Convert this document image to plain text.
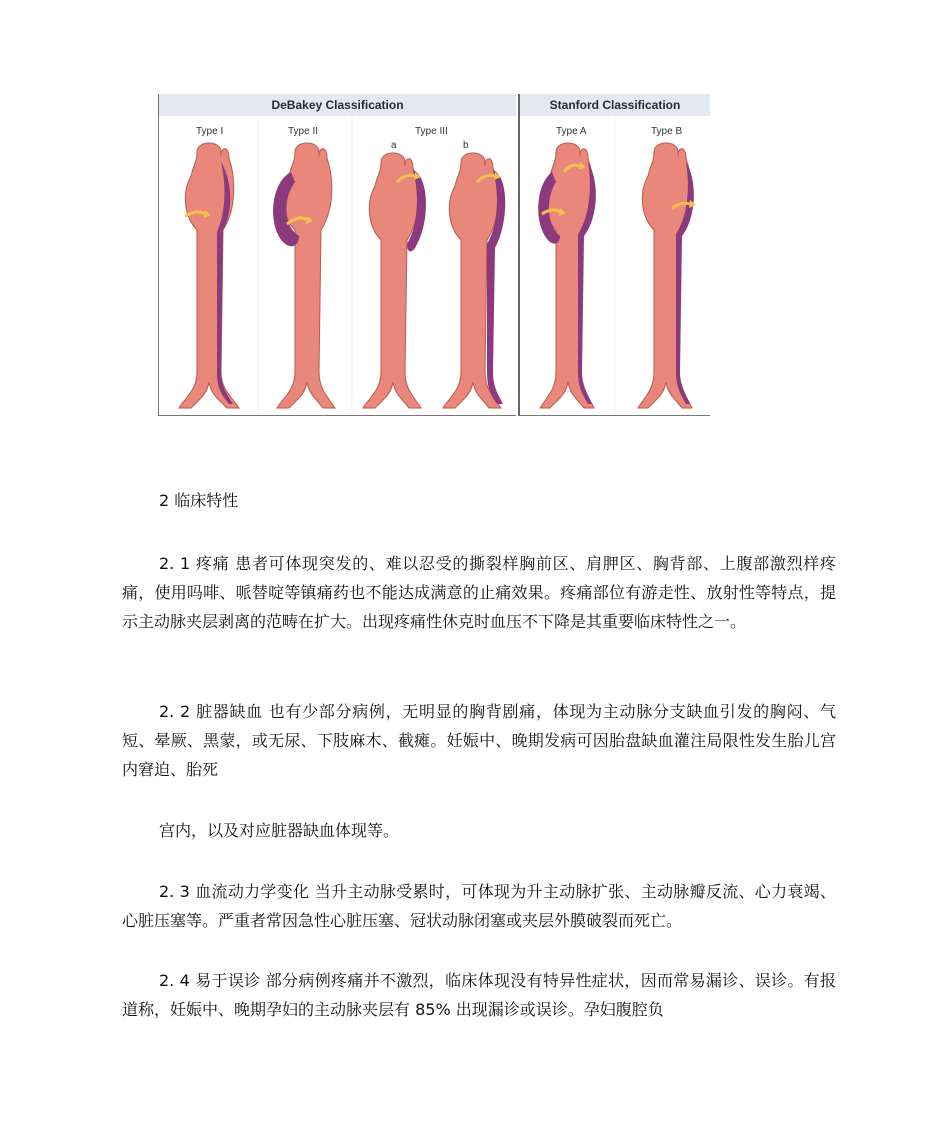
DeBakey Classification
Type I	Type II	Type III
a	b
Stanford Classification
Type A	Type B
2 临床特性
2. 1 疼痛 患者可体现突发的、难以忍受的撕裂样胸前区、肩胛区、胸背部、上腹部激烈样疼痛，使用吗啡、哌替啶等镇痛药也不能达成满意的止痛效果。疼痛部位有游走性、放射性等特点，提示主动脉夹层剥离的范畴在扩大。出现疼痛性休克时血压不下降是其重要临床特性之一。
2. 2 脏器缺血 也有少部分病例，无明显的胸背剧痛，体现为主动脉分支缺血引发的胸闷、气短、晕厥、黑蒙，或无尿、下肢麻木、截瘫。妊娠中、晚期发病可因胎盘缺血灌注局限性发生胎儿宫内窘迫、胎死
宫内，以及对应脏器缺血体现等。
2. 3 血流动力学变化 当升主动脉受累时，可体现为升主动脉扩张、主动脉瓣反流、心力衰竭、心脏压塞等。严重者常因急性心脏压塞、冠状动脉闭塞或夹层外膜破裂而死亡。
2. 4 易于误诊 部分病例疼痛并不激烈，临床体现没有特异性症状，因而常易漏诊、误诊。有报道称，妊娠中、晚期孕妇的主动脉夹层有 85% 出现漏诊或误诊。孕妇腹腔负
